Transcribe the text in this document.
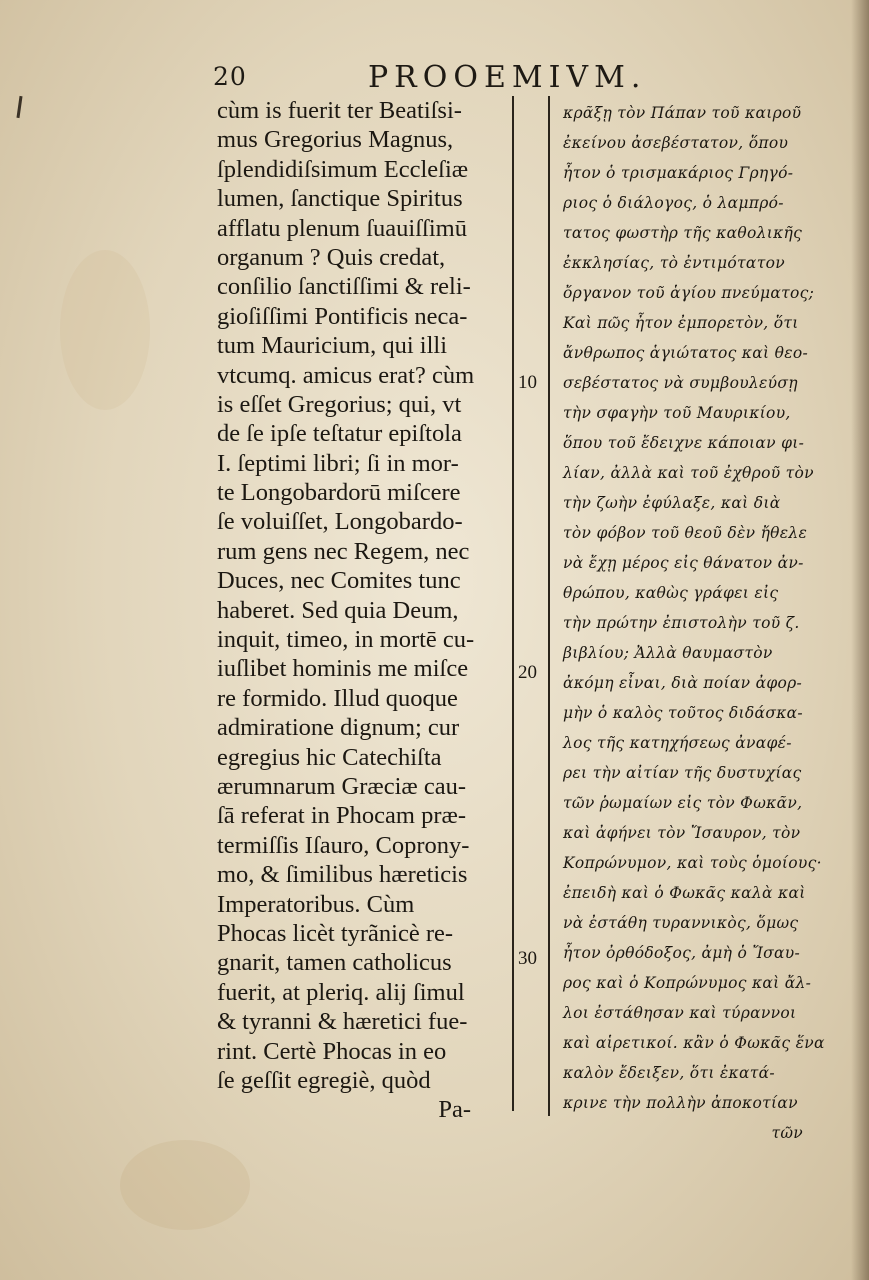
20	PROOEMIVM.
cùm is fuerit ter Beatiſsi-
mus Gregorius Magnus,
ſplendidiſsimum Eccleſiæ
lumen, ſanctique Spiritus
afflatu plenum ſuauiſſimū
organum ? Quis credat,
conſilio ſanctiſſimi & reli-
gioſiſſimi Pontificis neca-
tum Mauricium, qui illi
vtcumq. amicus erat? cùm
is eſſet Gregorius; qui, vt
de ſe ipſe teſtatur epiſtola
I. ſeptimi libri; ſi in mor-
te Longobardorū miſcere
ſe voluiſſet, Longobardo-
rum gens nec Regem, nec
Duces, nec Comites tunc
haberet. Sed quia Deum,
inquit, timeo, in mortē cu-
iuſlibet hominis me miſce
re formido. Illud quoque
admiratione dignum; cur
egregius hic Catechiſta
ærumnarum Græciæ cau-
ſā referat in Phocam præ-
termiſſis Iſauro, Coprony-
mo, & ſimilibus hæreticis
Imperatoribus. Cùm
Phocas licèt tyrãnicè re-
gnarit, tamen catholicus
fuerit, at pleriq. alij ſimul
& tyranni & hæretici fue-
rint. Certè Phocas in eo
ſe geſſit egregiè, quòd
Pa-
10
20
30
κρᾶξῃ τὸν Πάπαν τοῦ καιροῦ
ἐκείνου ἀσεβέστατον, ὅπου
ἦτον ὁ τρισμακάριος Γρηγό-
ριος ὁ διάλογος, ὁ λαμπρό-
τατος φωστὴρ τῆς καθολικῆς
ἐκκλησίας, τὸ ἐντιμότατον
ὄργανον τοῦ ἁγίου πνεύματος;
Καὶ πῶς ἦτον ἐμπορετὸν, ὅτι
ἄνθρωπος ἁγιώτατος καὶ θεο-
σεβέστατος νὰ συμβουλεύσῃ
τὴν σφαγὴν τοῦ Μαυρικίου,
ὅπου τοῦ ἔδειχνε κάποιαν φι-
λίαν, ἀλλὰ καὶ τοῦ ἐχθροῦ τὸν
τὴν ζωὴν ἐφύλαξε, καὶ διὰ
τὸν φόβον τοῦ θεοῦ δὲν ἤθελε
νὰ ἔχῃ μέρος εἰς θάνατον ἀν-
θρώπου, καθὼς γράφει εἰς
τὴν πρώτην ἐπιστολὴν τοῦ ζ.
βιβλίου; Ἀλλὰ θαυμαστὸν
ἀκόμη εἶναι, διὰ ποίαν ἀφορ-
μὴν ὁ καλὸς τοῦτος διδάσκα-
λος τῆς κατηχήσεως ἀναφέ-
ρει τὴν αἰτίαν τῆς δυστυχίας
τῶν ῥωμαίων εἰς τὸν Φωκᾶν,
καὶ ἀφήνει τὸν Ἴσαυρον, τὸν
Κοπρώνυμον, καὶ τοὺς ὁμοίους·
ἐπειδὴ καὶ ὁ Φωκᾶς καλὰ καὶ
νὰ ἐστάθη τυραννικὸς, ὅμως
ἦτον ὀρθόδοξος, ἀμὴ ὁ Ἴσαυ-
ρος καὶ ὁ Κοπρώνυμος καὶ ἄλ-
λοι ἐστάθησαν καὶ τύραννοι
καὶ αἱρετικοί. κἂν ὁ Φωκᾶς ἕνα
καλὸν ἔδειξεν, ὅτι ἐκατά-
κρινε τὴν πολλὴν ἀποκοτίαν
τῶν
